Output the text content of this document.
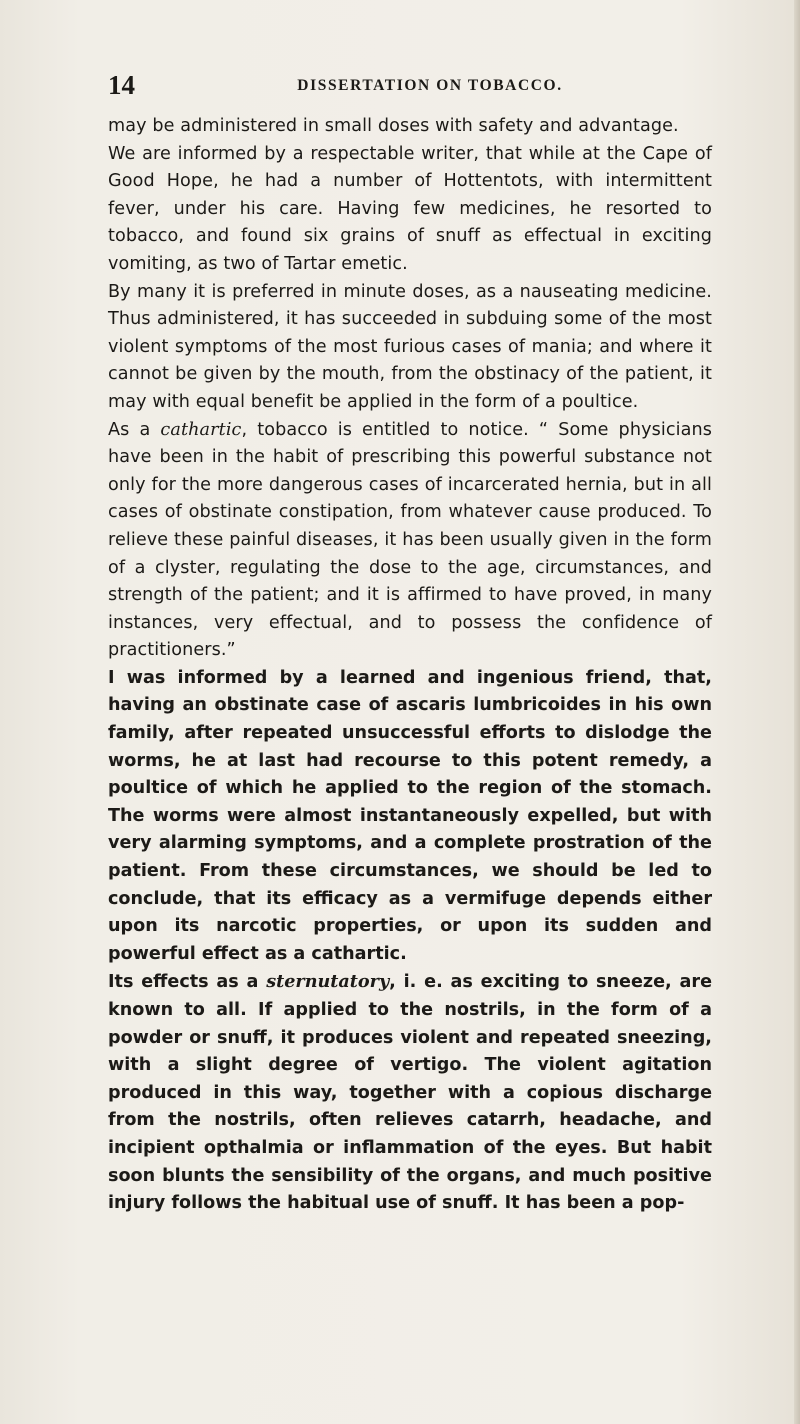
14	DISSERTATION ON TOBACCO.

may be administered in small doses with safety and advantage.

We are informed by a respectable writer, that while at the Cape of Good Hope, he had a number of Hottentots, with intermittent fever, under his care. Having few medicines, he resorted to tobacco, and found six grains of snuff as effectual in exciting vomiting, as two of Tartar emetic.

By many it is preferred in minute doses, as a nauseating medicine. Thus administered, it has succeeded in subduing some of the most violent symptoms of the most furious cases of mania; and where it cannot be given by the mouth, from the obstinacy of the patient, it may with equal benefit be applied in the form of a poultice.

As a cathartic, tobacco is entitled to notice. “ Some physicians have been in the habit of prescribing this powerful substance not only for the more dangerous cases of incarcerated hernia, but in all cases of obstinate constipation, from whatever cause produced. To relieve these painful diseases, it has been usually given in the form of a clyster, regulating the dose to the age, circumstances, and strength of the patient; and it is affirmed to have proved, in many instances, very effectual, and to possess the confidence of practitioners.”

I was informed by a learned and ingenious friend, that, having an obstinate case of ascaris lumbricoides in his own family, after repeated unsuccessful efforts to dislodge the worms, he at last had recourse to this potent remedy, a poultice of which he applied to the region of the stomach. The worms were almost instantaneously expelled, but with very alarming symptoms, and a complete prostration of the patient. From these circumstances, we should be led to conclude, that its efficacy as a vermifuge depends either upon its narcotic properties, or upon its sudden and powerful effect as a cathartic.

Its effects as a sternutatory, i. e. as exciting to sneeze, are known to all. If applied to the nostrils, in the form of a powder or snuff, it produces violent and repeated sneezing, with a slight degree of vertigo. The violent agitation produced in this way, together with a copious discharge from the nostrils, often relieves catarrh, headache, and incipient opthalmia or inflammation of the eyes. But habit soon blunts the sensibility of the organs, and much positive injury follows the habitual use of snuff. It has been a pop-
